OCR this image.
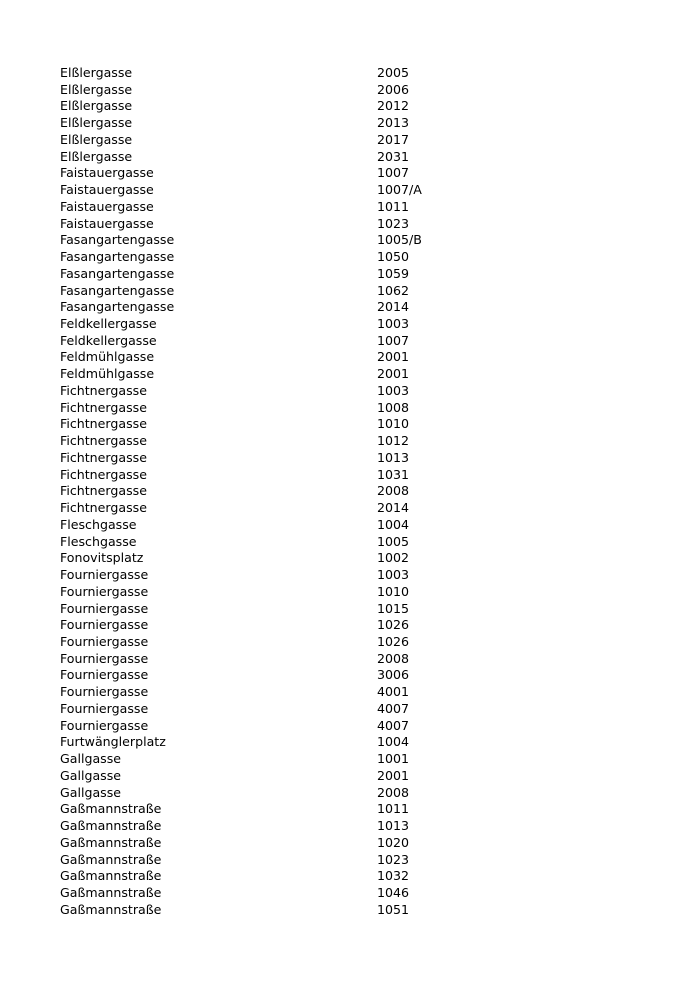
Elßlergasse	2005
Elßlergasse	2006
Elßlergasse	2012
Elßlergasse	2013
Elßlergasse	2017
Elßlergasse	2031
Faistauergasse	1007
Faistauergasse	1007/A
Faistauergasse	1011
Faistauergasse	1023
Fasangartengasse	1005/B
Fasangartengasse	1050
Fasangartengasse	1059
Fasangartengasse	1062
Fasangartengasse	2014
Feldkellergasse	1003
Feldkellergasse	1007
Feldmühlgasse	2001
Feldmühlgasse	2001
Fichtnergasse	1003
Fichtnergasse	1008
Fichtnergasse	1010
Fichtnergasse	1012
Fichtnergasse	1013
Fichtnergasse	1031
Fichtnergasse	2008
Fichtnergasse	2014
Fleschgasse	1004
Fleschgasse	1005
Fonovitsplatz	1002
Fourniergasse	1003
Fourniergasse	1010
Fourniergasse	1015
Fourniergasse	1026
Fourniergasse	1026
Fourniergasse	2008
Fourniergasse	3006
Fourniergasse	4001
Fourniergasse	4007
Fourniergasse	4007
Furtwänglerplatz	1004
Gallgasse	1001
Gallgasse	2001
Gallgasse	2008
Gaßmannstraße	1011
Gaßmannstraße	1013
Gaßmannstraße	1020
Gaßmannstraße	1023
Gaßmannstraße	1032
Gaßmannstraße	1046
Gaßmannstraße	1051
